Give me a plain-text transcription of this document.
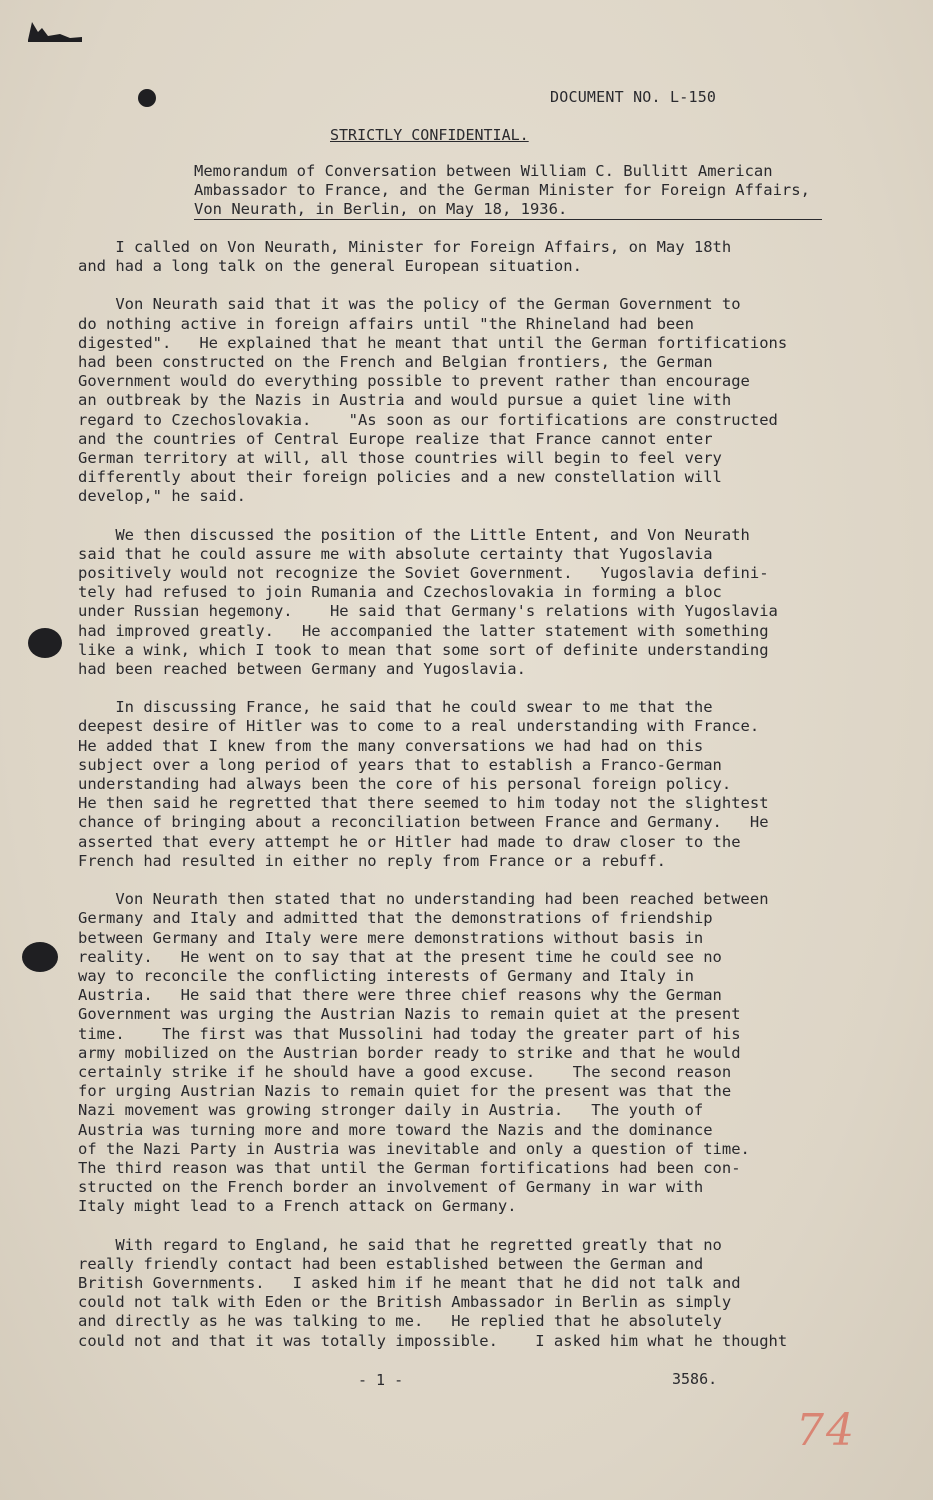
DOCUMENT NO. L-150
STRICTLY CONFIDENTIAL.
Memorandum of Conversation between William C. Bullitt American
Ambassador to France, and the German Minister for Foreign Affairs,
Von Neurath, in Berlin, on May 18, 1936.
I called on Von Neurath, Minister for Foreign Affairs, on May 18th
and had a long talk on the general European situation.
Von Neurath said that it was the policy of the German Government to
do nothing active in foreign affairs until "the Rhineland had been
digested".   He explained that he meant that until the German fortifications
had been constructed on the French and Belgian frontiers, the German
Government would do everything possible to prevent rather than encourage
an outbreak by the Nazis in Austria and would pursue a quiet line with
regard to Czechoslovakia.    "As soon as our fortifications are constructed
and the countries of Central Europe realize that France cannot enter
German territory at will, all those countries will begin to feel very
differently about their foreign policies and a new constellation will
develop," he said.
We then discussed the position of the Little Entent, and Von Neurath
said that he could assure me with absolute certainty that Yugoslavia
positively would not recognize the Soviet Government.   Yugoslavia defini-
tely had refused to join Rumania and Czechoslovakia in forming a bloc
under Russian hegemony.    He said that Germany's relations with Yugoslavia
had improved greatly.   He accompanied the latter statement with something
like a wink, which I took to mean that some sort of definite understanding
had been reached between Germany and Yugoslavia.
In discussing France, he said that he could swear to me that the
deepest desire of Hitler was to come to a real understanding with France.
He added that I knew from the many conversations we had had on this
subject over a long period of years that to establish a Franco-German
understanding had always been the core of his personal foreign policy.
He then said he regretted that there seemed to him today not the slightest
chance of bringing about a reconciliation between France and Germany.   He
asserted that every attempt he or Hitler had made to draw closer to the
French had resulted in either no reply from France or a rebuff.
Von Neurath then stated that no understanding had been reached between
Germany and Italy and admitted that the demonstrations of friendship
between Germany and Italy were mere demonstrations without basis in
reality.   He went on to say that at the present time he could see no
way to reconcile the conflicting interests of Germany and Italy in
Austria.   He said that there were three chief reasons why the German
Government was urging the Austrian Nazis to remain quiet at the present
time.    The first was that Mussolini had today the greater part of his
army mobilized on the Austrian border ready to strike and that he would
certainly strike if he should have a good excuse.    The second reason
for urging Austrian Nazis to remain quiet for the present was that the
Nazi movement was growing stronger daily in Austria.   The youth of
Austria was turning more and more toward the Nazis and the dominance
of the Nazi Party in Austria was inevitable and only a question of time.
The third reason was that until the German fortifications had been con-
structed on the French border an involvement of Germany in war with
Italy might lead to a French attack on Germany.
With regard to England, he said that he regretted greatly that no
really friendly contact had been established between the German and
British Governments.   I asked him if he meant that he did not talk and
could not talk with Eden or the British Ambassador in Berlin as simply
and directly as he was talking to me.   He replied that he absolutely
could not and that it was totally impossible.    I asked him what he thought
- 1 -	3586.
74
